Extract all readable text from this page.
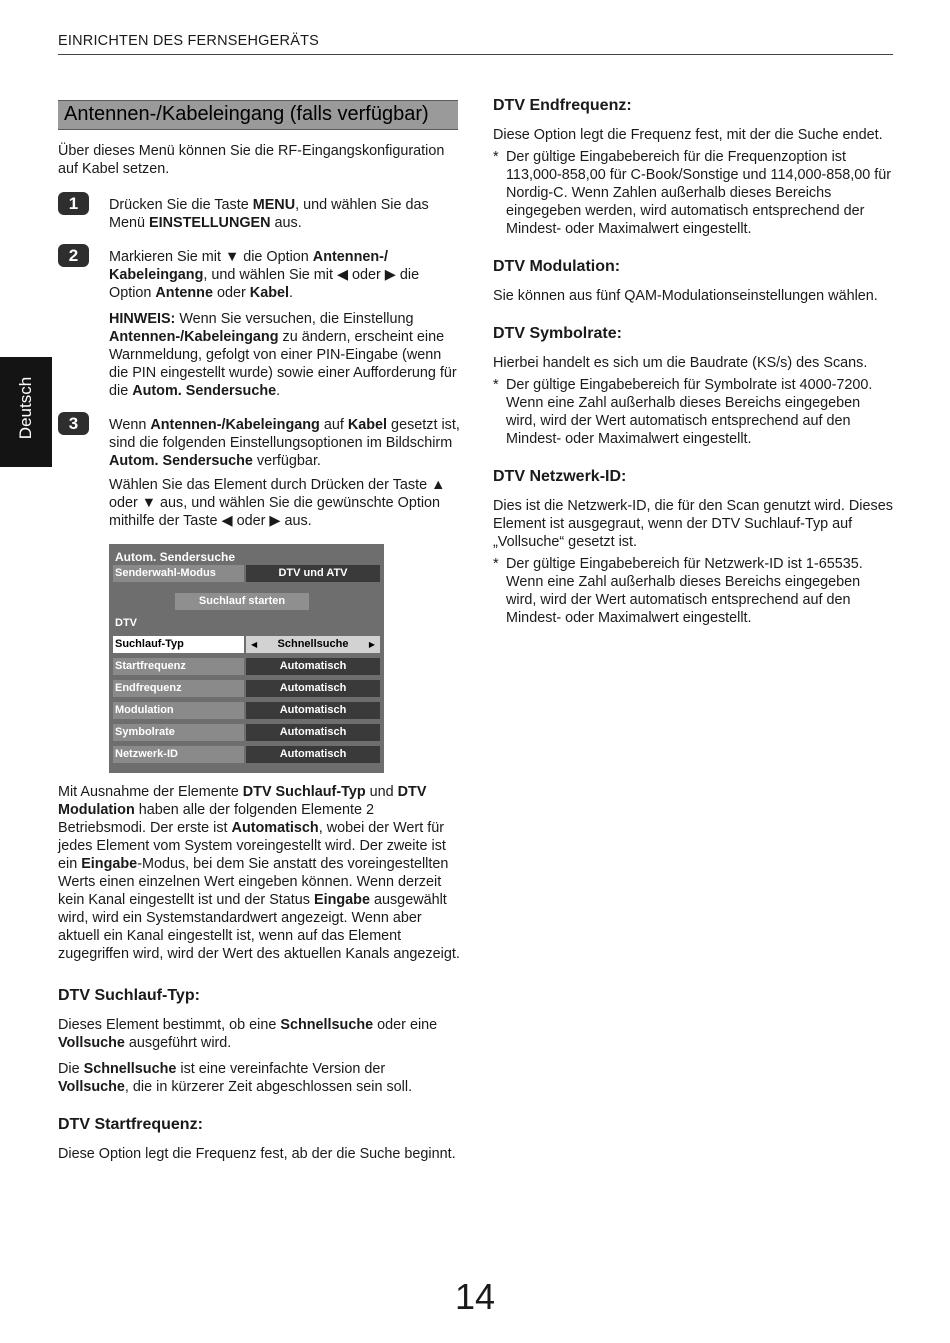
EINRICHTEN DES FERNSEHGERÄTS
Deutsch
Antennen-/Kabeleingang (falls verfügbar)

Über dieses Menü können Sie die RF-Eingangskonfiguration auf Kabel setzen.

1	Drücken Sie die Taste MENU, und wählen Sie das Menü EINSTELLUNGEN aus.

2	Markieren Sie mit ▼ die Option Antennen-/ Kabeleingang, und wählen Sie mit ◀ oder ▶ die Option Antenne oder Kabel.

HINWEIS: Wenn Sie versuchen, die Einstellung Antennen-/Kabeleingang zu ändern, erscheint eine Warnmeldung, gefolgt von einer PIN-Eingabe (wenn die PIN eingestellt wurde) sowie einer Aufforderung für die Autom. Sendersuche.

3	Wenn Antennen-/Kabeleingang auf Kabel gesetzt ist, sind die folgenden Einstellungsoptionen im Bildschirm Autom. Sendersuche verfügbar.

Wählen Sie das Element durch Drücken der Taste ▲ oder ▼ aus, und wählen Sie die gewünschte Option mithilfe der Taste ◀ oder ▶ aus.

Autom. Sendersuche
Senderwahl-Modus	DTV und ATV
Suchlauf starten
DTV
Suchlauf-Typ	◀ Schnellsuche	▶
Startfrequenz	Automatisch
Endfrequenz	Automatisch
Modulation	Automatisch
Symbolrate	Automatisch
Netzwerk-ID	Automatisch

Mit Ausnahme der Elemente DTV Suchlauf-Typ und DTV Modulation haben alle der folgenden Elemente 2 Betriebsmodi. Der erste ist Automatisch, wobei der Wert für jedes Element vom System voreingestellt wird. Der zweite ist ein Eingabe-Modus, bei dem Sie anstatt des voreingestellten Werts einen einzelnen Wert eingeben können. Wenn derzeit kein Kanal eingestellt ist und der Status Eingabe ausgewählt wird, wird ein Systemstandardwert angezeigt. Wenn aber aktuell ein Kanal eingestellt ist, wenn auf das Element zugegriffen wird, wird der Wert des aktuellen Kanals angezeigt.

DTV Suchlauf-Typ:

Dieses Element bestimmt, ob eine Schnellsuche oder eine Vollsuche ausgeführt wird.

Die Schnellsuche ist eine vereinfachte Version der Vollsuche, die in kürzerer Zeit abgeschlossen sein soll.

DTV Startfrequenz:

Diese Option legt die Frequenz fest, ab der die Suche beginnt.

DTV Endfrequenz:

Diese Option legt die Frequenz fest, mit der die Suche endet.

* Der gültige Eingabebereich für die Frequenzoption ist 113,000-858,00 für C-Book/Sonstige und 114,000-858,00 für Nordig-C. Wenn Zahlen außerhalb dieses Bereichs eingegeben werden, wird automatisch entsprechend der Mindest- oder Maximalwert eingestellt.

DTV Modulation:

Sie können aus fünf QAM-Modulationseinstellungen wählen.

DTV Symbolrate:

Hierbei handelt es sich um die Baudrate (KS/s) des Scans.

* Der gültige Eingabebereich für Symbolrate ist 4000-7200. Wenn eine Zahl außerhalb dieses Bereichs eingegeben wird, wird der Wert automatisch entsprechend auf den Mindest- oder Maximalwert eingestellt.

DTV Netzwerk-ID:

Dies ist die Netzwerk-ID, die für den Scan genutzt wird. Dieses Element ist ausgegraut, wenn der DTV Suchlauf-Typ auf „Vollsuche“ gesetzt ist.

* Der gültige Eingabebereich für Netzwerk-ID ist 1-65535. Wenn eine Zahl außerhalb dieses Bereichs eingegeben wird, wird der Wert automatisch entsprechend auf den Mindest- oder Maximalwert eingestellt.
14
